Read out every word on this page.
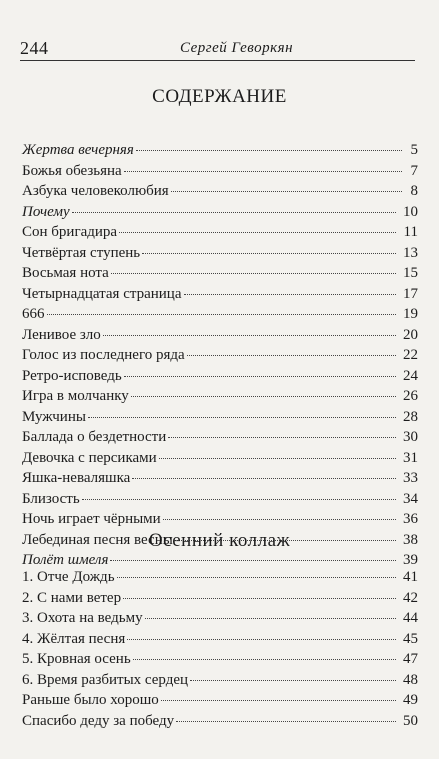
244	Сергей Геворкян
СОДЕРЖАНИЕ
Жертва вечерняя	5
Божья обезьяна	7
Азбука человеколюбия	8
Почему	10
Сон бригадира	11
Четвёртая ступень	13
Восьмая нота	15
Четырнадцатая страница	17
666	19
Ленивое зло	20
Голос из последнего ряда	22
Ретро-исповедь	24
Игра в молчанку	26
Мужчины	28
Баллада о бездетности	30
Девочка с персиками	31
Яшка-неваляшка	33
Близость	34
Ночь играет чёрными	36
Лебединая песня весны	38
Полёт шмеля	39
Осенний коллаж
1. Отче Дождь	41
2. С нами ветер	42
3. Охота на ведьму	44
4. Жёлтая песня	45
5. Кровная осень	47
6. Время разбитых сердец	48
Раньше было хорошо	49
Спасибо деду за победу	50
